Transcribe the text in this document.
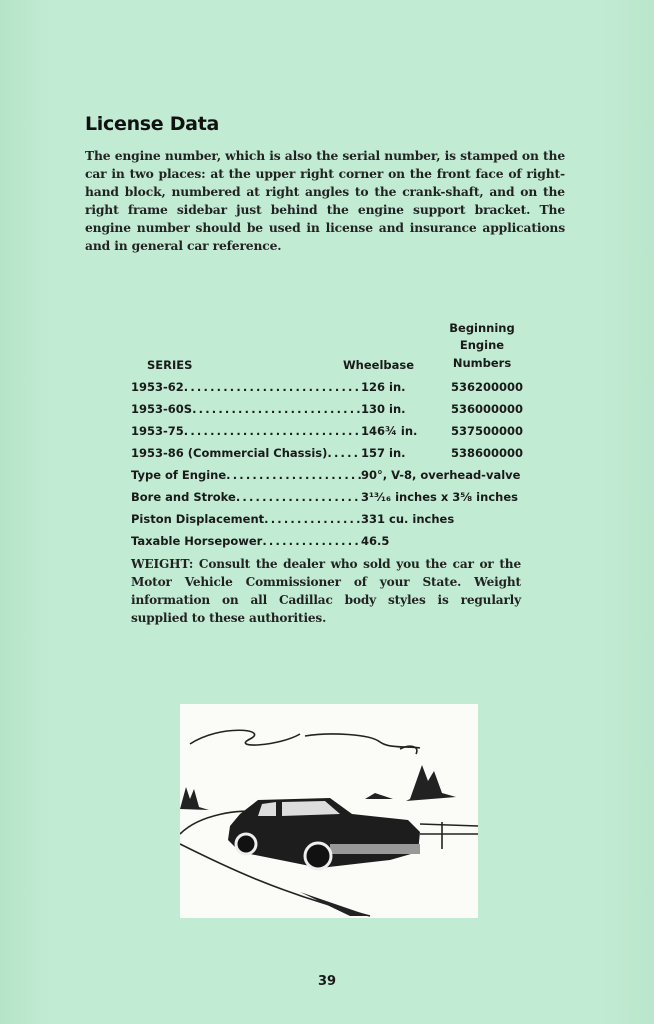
License Data

The engine number, which is also the serial number, is stamped on the car in two places: at the upper right corner on the front face of right-hand block, numbered at right angles to the crank-shaft, and on the right frame sidebar just behind the engine support bracket. The engine number should be used in license and insurance applications and in general car reference.

SERIES	Wheelbase
Beginning
Engine
Numbers
1953-62 .....	126 in.	536200000
1953-60S .....	130 in.	536000000
1953-75 .....	146¾ in.	537500000
1953-86 (Commercial Chassis) .....	157 in.	538600000
Type of Engine .....	90°, V-8, overhead-valve
Bore and Stroke .....	3¹³⁄₁₆ inches x 3⅝ inches
Piston Displacement .....	331 cu. inches
Taxable Horsepower .....	46.5

WEIGHT: Consult the dealer who sold you the car or the Motor Vehicle Commissioner of your State. Weight information on all Cadillac body styles is regularly supplied to these authorities.

39
